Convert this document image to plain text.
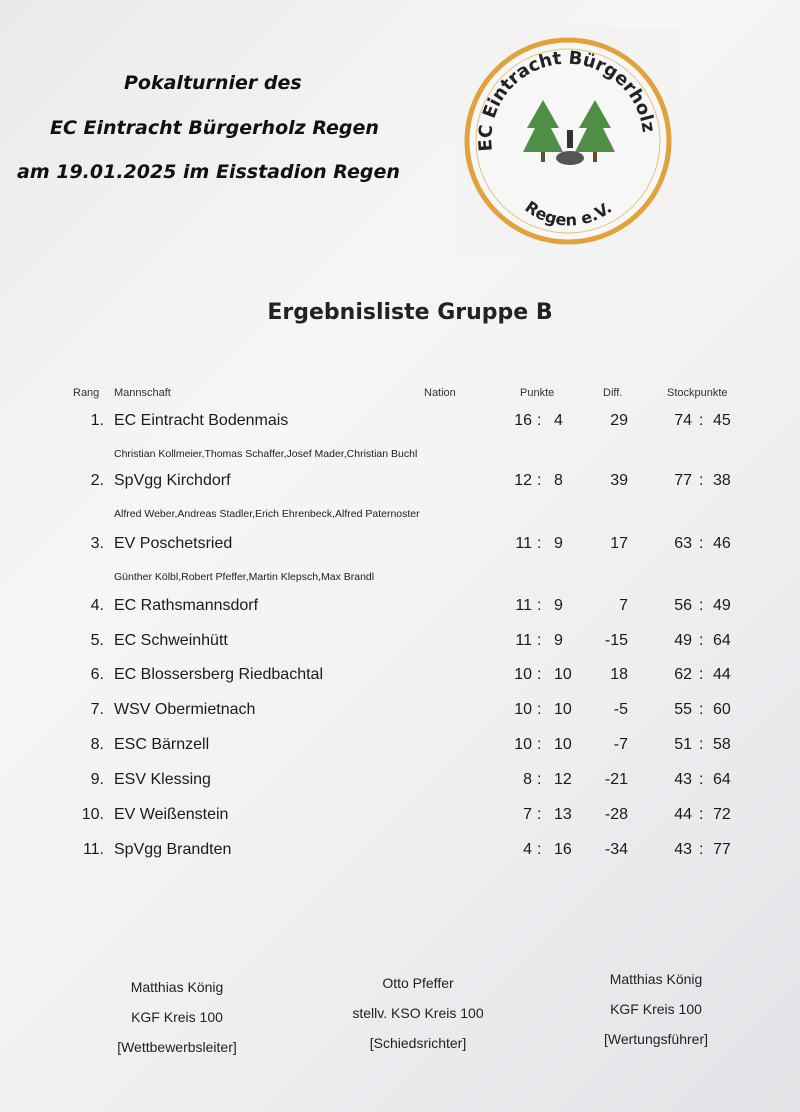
Pokalturnier des
EC Eintracht Bürgerholz Regen
am 19.01.2025 im Eisstadion Regen
EC Eintracht Bürgerholz
Regen e.V.
Ergebnisliste Gruppe B
Rang Mannschaft	Nation	Punkte	Diff.	Stockpunkte
1. EC Eintracht Bodenmais	16 : 4	29	74 : 45
Christian Kollmeier,Thomas Schaffer,Josef Mader,Christian Buchl
2. SpVgg Kirchdorf	12 : 8	39	77 : 38
Alfred Weber,Andreas Stadler,Erich Ehrenbeck,Alfred Paternoster
3. EV Poschetsried	11 : 9	17	63 : 46
Günther Kölbl,Robert Pfeffer,Martin Klepsch,Max Brandl
4. EC Rathsmannsdorf	11 : 9	7	56 : 49
5. EC Schweinhütt	11 : 9	-15	49 : 64
6. EC Blossersberg Riedbachtal	10 : 10	18	62 : 44
7. WSV Obermietnach	10 : 10	-5	55 : 60
8. ESC Bärnzell	10 : 10	-7	51 : 58
9. ESV Klessing	8 : 12	-21	43 : 64
10. EV Weißenstein	7 : 13	-28	44 : 72
11. SpVgg Brandten	4 : 16	-34	43 : 77
Matthias König
KGF Kreis 100
[Wettbewerbsleiter]
Otto Pfeffer
stellv. KSO Kreis 100
[Schiedsrichter]
Matthias König
KGF Kreis 100
[Wertungsführer]
